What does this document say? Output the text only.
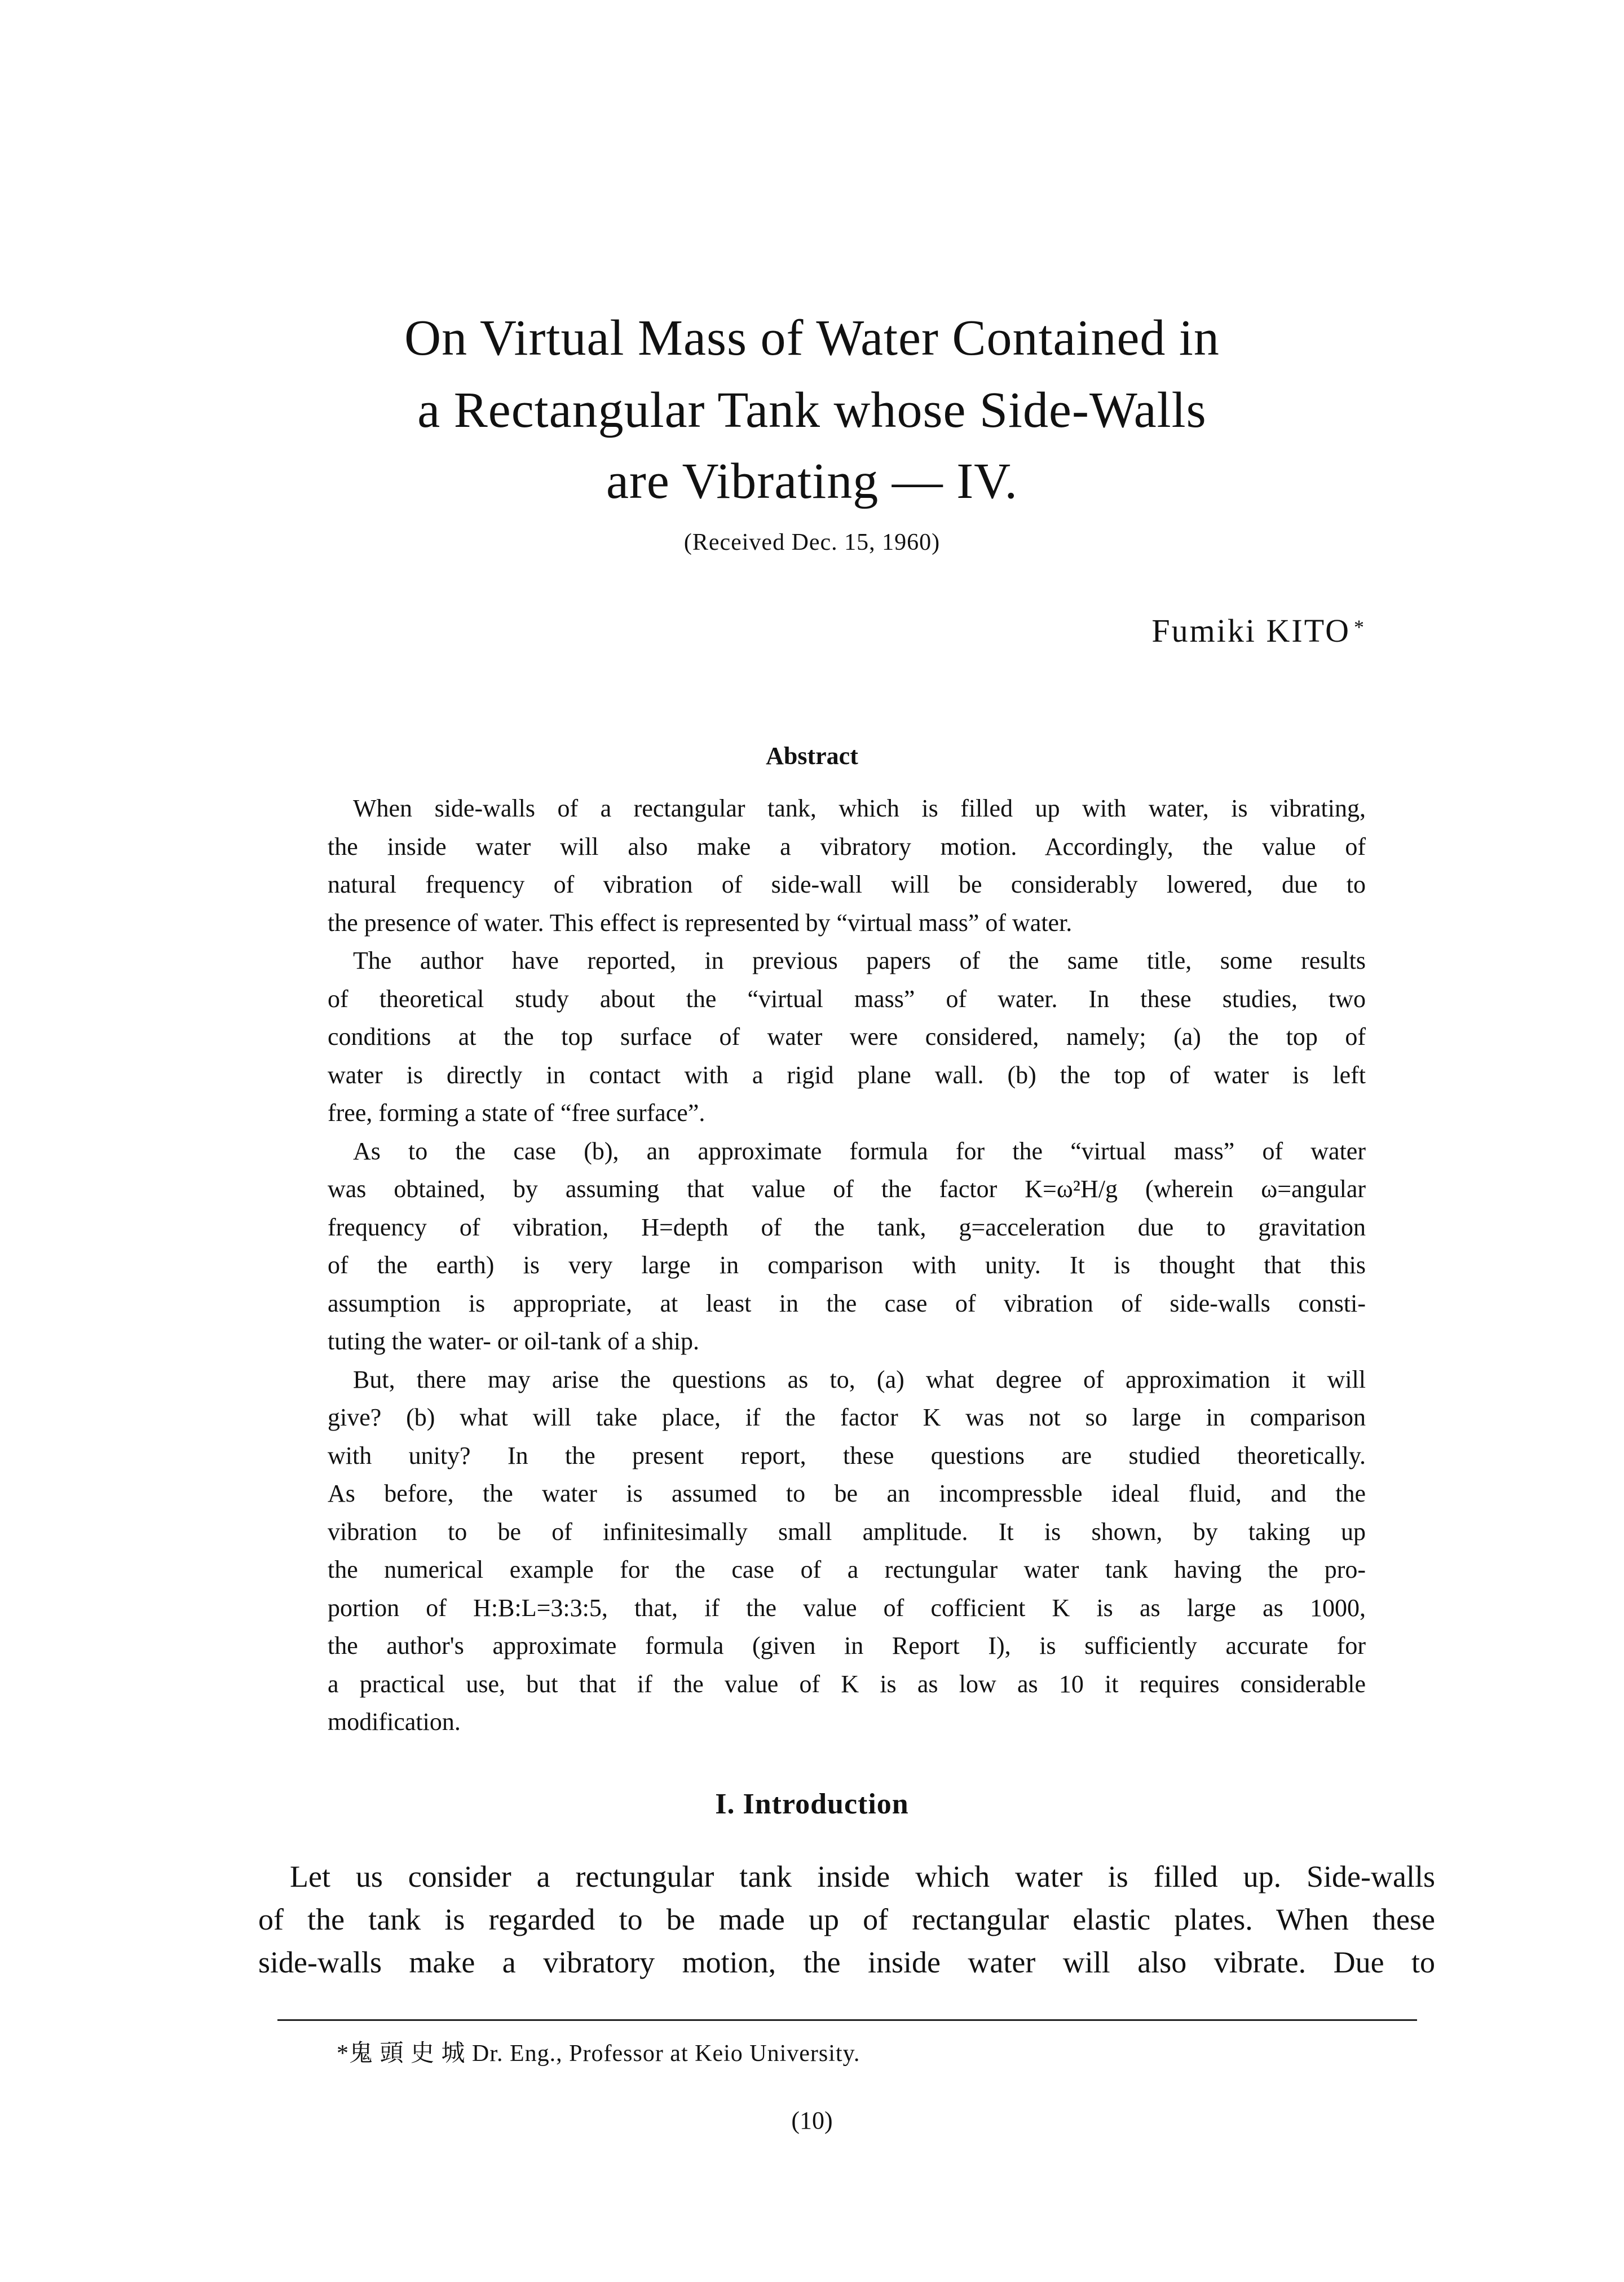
On Virtual Mass of Water Contained in
a Rectangular Tank whose Side-Walls
are Vibrating — IV.
(Received Dec. 15, 1960)
Fumiki KITO *
Abstract
When side-walls of a rectangular tank, which is filled up with water, is vibrating,
the inside water will also make a vibratory motion. Accordingly, the value of
natural frequency of vibration of side-wall will be considerably lowered, due to
the presence of water. This effect is represented by “virtual mass” of water.
The author have reported, in previous papers of the same title, some results
of theoretical study about the “virtual mass” of water. In these studies, two
conditions at the top surface of water were considered, namely; (a) the top of
water is directly in contact with a rigid plane wall. (b) the top of water is left
free, forming a state of “free surface”.
As to the case (b), an approximate formula for the “virtual mass” of water
was obtained, by assuming that value of the factor K=ω²H/g (wherein ω=angular
frequency of vibration, H=depth of the tank, g=acceleration due to gravitation
of the earth) is very large in comparison with unity. It is thought that this
assumption is appropriate, at least in the case of vibration of side-walls consti-
tuting the water- or oil-tank of a ship.
But, there may arise the questions as to, (a) what degree of approximation it will
give? (b) what will take place, if the factor K was not so large in comparison
with unity? In the present report, these questions are studied theoretically.
As before, the water is assumed to be an incompressble ideal fluid, and the
vibration to be of infinitesimally small amplitude. It is shown, by taking up
the numerical example for the case of a rectungular water tank having the pro-
portion of H:B:L=3:3:5, that, if the value of cofficient K is as large as 1000,
the author's approximate formula (given in Report I), is sufficiently accurate for
a practical use, but that if the value of K is as low as 10 it requires considerable
modification.
I. Introduction
Let us consider a rectungular tank inside which water is filled up. Side-walls
of the tank is regarded to be made up of rectangular elastic plates. When these
side-walls make a vibratory motion, the inside water will also vibrate. Due to
*鬼 頭 史 城 Dr. Eng., Professor at Keio University.
(10)
